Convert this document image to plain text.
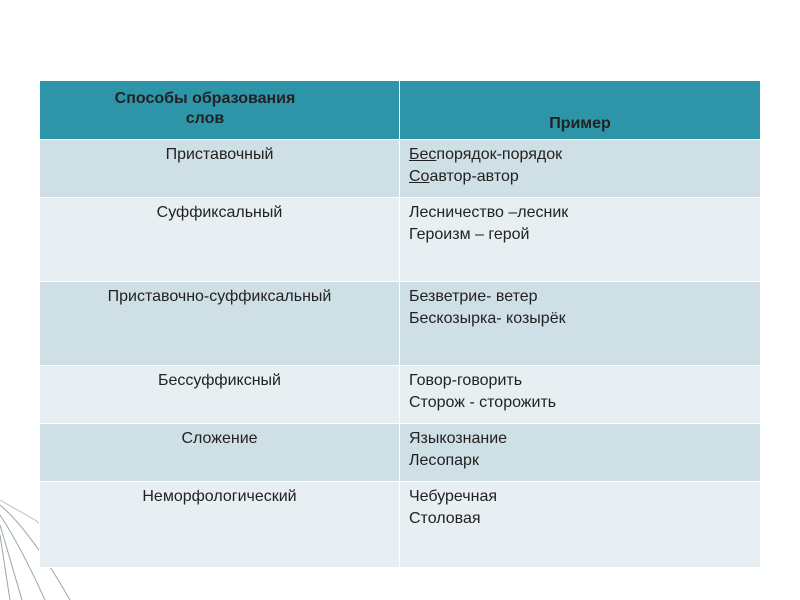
Способы образования
слов	Пример

Приставочный	Беспорядок-порядок
Соавтор-автор

Суффиксальный	Лесничество –лесник
Героизм – герой

Приставочно-суффиксальный	Безветрие- ветер
Бескозырка- козырёк

Бессуффиксный	Говор-говорить
Сторож - сторожить

Сложение	Языкознание
Лесопарк

Неморфологический	Чебуречная
Столовая
